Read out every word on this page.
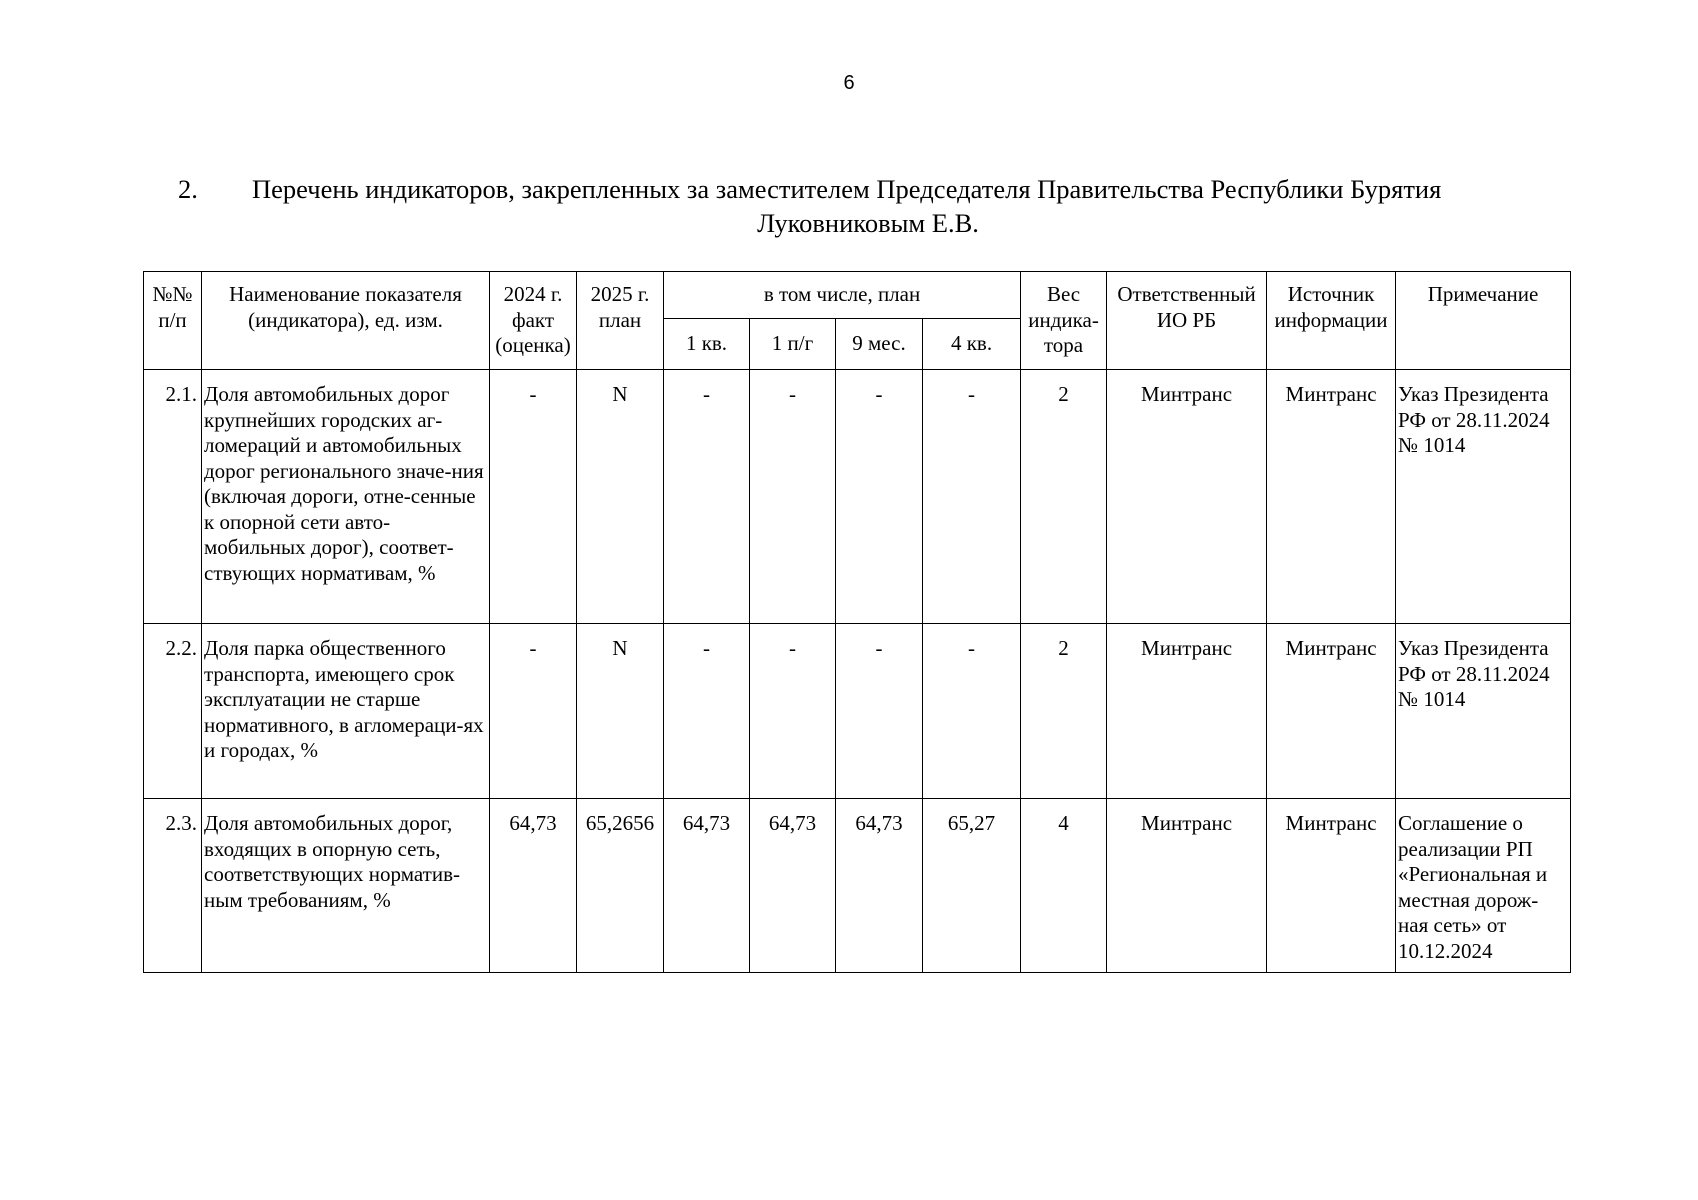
6
2. Перечень индикаторов, закрепленных за заместителем Председателя Правительства Республики Бурятия
Луковниковым Е.В.
№№ п/п	Наименование показателя (индикатора), ед. изм.	2024 г. факт (оценка)	2025 г. план	в том числе, план				Вес индика-тора	Ответственный ИО РБ	Источник информации	Примечание
				1 кв.	1 п/г	9 мес.	4 кв.				
2.1.	Доля автомобильных дорог крупнейших городских аг-ломераций и автомобильных дорог регионального значе-ния (включая дороги, отне-сенные к опорной сети авто-мобильных дорог), соответ-ствующих нормативам, %	-	N	-	-	-	-	2	Минтранс	Минтранс	Указ Президента РФ от 28.11.2024 № 1014
2.2.	Доля парка общественного транспорта, имеющего срок эксплуатации не старше нормативного, в агломераци-ях и городах, %	-	N	-	-	-	-	2	Минтранс	Минтранс	Указ Президента РФ от 28.11.2024 № 1014
2.3.	Доля автомобильных дорог, входящих в опорную сеть, соответствующих норматив-ным требованиям, %	64,73	65,2656	64,73	64,73	64,73	65,27	4	Минтранс	Минтранс	Соглашение о реализации РП «Региональная и местная дорож-ная сеть» от 10.12.2024
